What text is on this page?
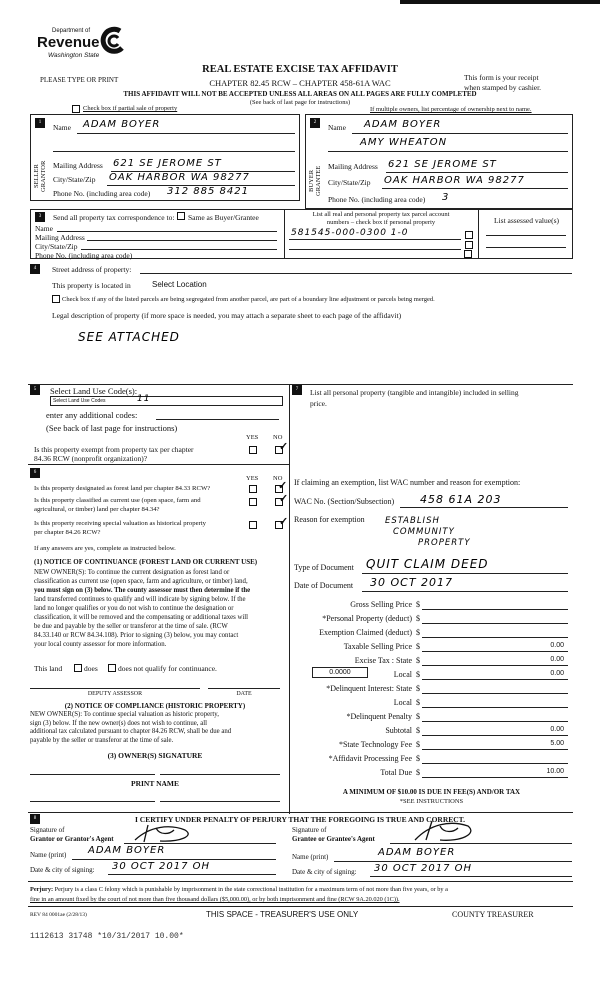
Department of
Revenue
Washington State
PLEASE TYPE OR PRINT
REAL ESTATE EXCISE TAX AFFIDAVIT
CHAPTER 82.45 RCW – CHAPTER 458-61A WAC
THIS AFFIDAVIT WILL NOT BE ACCEPTED UNLESS ALL AREAS ON ALL PAGES ARE FULLY COMPLETED
(See back of last page for instructions)
This form is your receipt
when stamped by cashier.
Check box if partial sale of property	If multiple owners, list percentage of ownership next to name.
1
SELLER GRANTOR
Name ADAM BOYER
Mailing Address 621 SE JEROME ST
City/State/Zip OAK HARBOR WA 98277
Phone No. (including area code) 312 885 8421
2
BUYER GRANTEE
Name ADAM BOYER
AMY WHEATON
Mailing Address 621 SE JEROME ST
City/State/Zip OAK HARBOR WA 98277
Phone No. (including area code) 3
3	Send all property tax correspondence to: Same as Buyer/Grantee
Name
Mailing Address
City/State/Zip
Phone No. (including area code)
List all real and personal property tax parcel account
numbers – check box if personal property
581545-000-0300 1-0
List assessed value(s)
4	Street address of property:
This property is located in	Select Location
Check box if any of the listed parcels are being segregated from another parcel, are part of a boundary line adjustment or parcels being merged.
Legal description of property (if more space is needed, you may attach a separate sheet to each page of the affidavit)
SEE ATTACHED
5	Select Land Use Code(s):
Select Land Use Codes	11
enter any additional codes:
(See back of last page for instructions)
YES NO
Is this property exempt from property tax per chapter
84.36 RCW (nonprofit organization)?
✓
6
YES NO
Is this property designated as forest land per chapter 84.33 RCW?	✓
Is this property classified as current use (open space, farm and
agricultural, or timber) land per chapter 84.34?
✓
Is this property receiving special valuation as historical property
per chapter 84.26 RCW?
✓
If any answers are yes, complete as instructed below.
(1) NOTICE OF CONTINUANCE (FOREST LAND OR CURRENT USE)
NEW OWNER(S): To continue the current designation as forest land or
classification as current use (open space, farm and agriculture, or timber) land,
you must sign on (3) below. The county assessor must then determine if the
land transferred continues to qualify and will indicate by signing below. If the
land no longer qualifies or you do not wish to continue the designation or
classification, it will be removed and the compensating or additional taxes will
be due and payable by the seller or transferor at the time of sale. (RCW
84.33.140 or RCW 84.34.108). Prior to signing (3) below, you may contact
your local county assessor for more information.
This land	does	does not qualify for continuance.
DEPUTY ASSESSOR	DATE
(2) NOTICE OF COMPLIANCE (HISTORIC PROPERTY)
NEW OWNER(S): To continue special valuation as historic property,
sign (3) below. If the new owner(s) does not wish to continue, all
additional tax calculated pursuant to chapter 84.26 RCW, shall be due and
payable by the seller or transferor at the time of sale.
(3) OWNER(S) SIGNATURE
PRINT NAME
7	List all personal property (tangible and intangible) included in selling
price.
If claiming an exemption, list WAC number and reason for exemption:
WAC No. (Section/Subsection) 458 61A 203
Reason for exemption ESTABLISH
COMMUNITY
PROPERTY
Type of Document QUIT CLAIM DEED
Date of Document 30 OCT 2017
Gross Selling Price $
*Personal Property (deduct) $
Exemption Claimed (deduct) $
Taxable Selling Price $	0.00
Excise Tax : State $	0.00
Local $	0.00
*Delinquent Interest: State $
Local $
*Delinquent Penalty $
Subtotal $	0.00
*State Technology Fee $	5.00
*Affidavit Processing Fee $
Total Due $	10.00
0.0000
A MINIMUM OF $10.00 IS DUE IN FEE(S) AND/OR TAX
*SEE INSTRUCTIONS
8	I CERTIFY UNDER PENALTY OF PERJURY THAT THE FOREGOING IS TRUE AND CORRECT.
Signature of
Grantor or Grantor's Agent
Name (print) ADAM BOYER
Date & city of signing: 30 OCT 2017 OH
Signature of
Grantee or Grantee's Agent
Name (print)	ADAM BOYER
Date & city of signing: 30 OCT 2017 OH
Perjury: Perjury is a class C felony which is punishable by imprisonment in the state correctional institution for a maximum term of not more than five years, or by a
fine in an amount fixed by the court of not more than five thousand dollars ($5,000.00), or by both imprisonment and fine (RCW 9A.20.020 (1C)).
REV 84 0001ae (2/28/13)	THIS SPACE - TREASURER'S USE ONLY	COUNTY TREASURER
1112613 31748 *10/31/2017 10.00*
